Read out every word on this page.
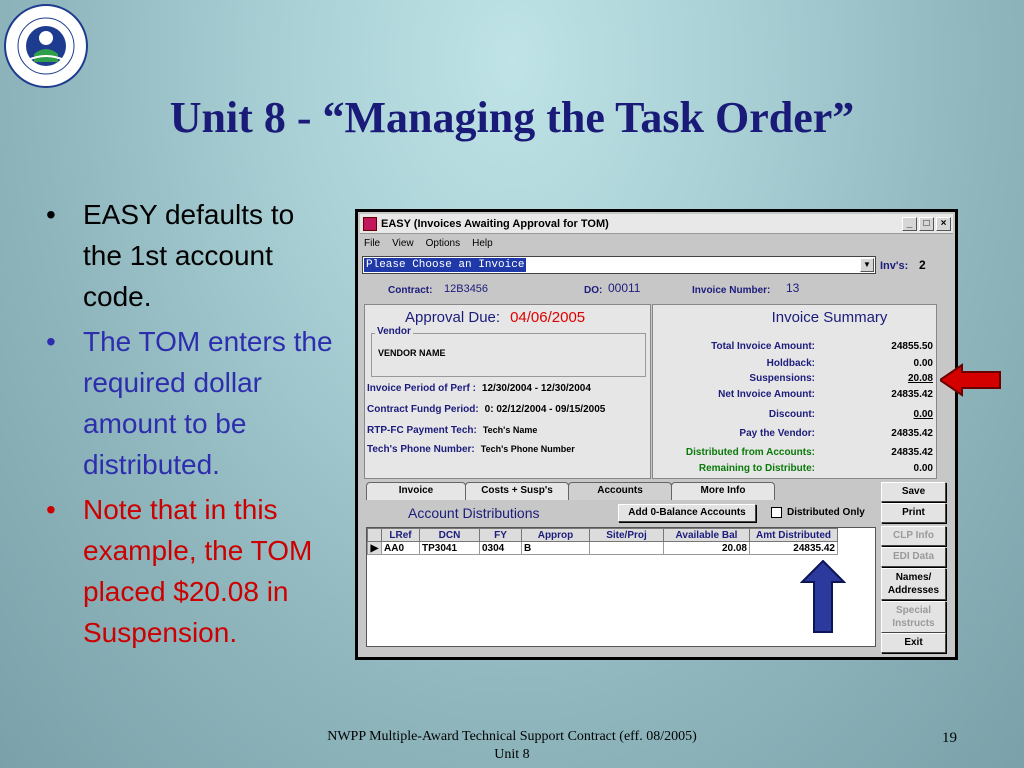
Unit 8 - “Managing the Task Order”
• EASY defaults to the 1st account code.
• The TOM enters the required dollar amount to be distributed.
• Note that in this example, the TOM placed $20.08 in Suspension.
EASY (Invoices Awaiting Approval for TOM)	_	□	×
File View Options Help
Please Choose an Invoice	▼ Inv's: 2
Contract: 12B3456	DO: 00011	Invoice Number: 13
Approval Due: 04/06/2005
Vendor
VENDOR NAME
Invoice Period of Perf : 12/30/2004 - 12/30/2004
Contract Fundg Period: 0: 02/12/2004 - 09/15/2005
RTP-FC Payment Tech: Tech's Name
Tech's Phone Number: Tech's Phone Number
Invoice Summary
Total Invoice Amount:	24855.50
Holdback:	0.00
Suspensions:	20.08
Net Invoice Amount:	24835.42
Discount:	0.00
Pay the Vendor:	24835.42
Distributed from Accounts:	24835.42
Remaining to Distribute:	0.00
Invoice	Costs + Susp's	Accounts	More Info	Save
Print
CLP Info
EDI Data
Names/ Addresses
Special Instructs
Exit
Account Distributions	Add 0-Balance Accounts	Distributed Only
	LRef	DCN	FY	Approp	Site/Proj	Available Bal	Amt Distributed
▶	AA0	TP3041	0304	B		20.08	24835.42
NWPP Multiple-Award Technical Support Contract (eff. 08/2005)
Unit 8
19
